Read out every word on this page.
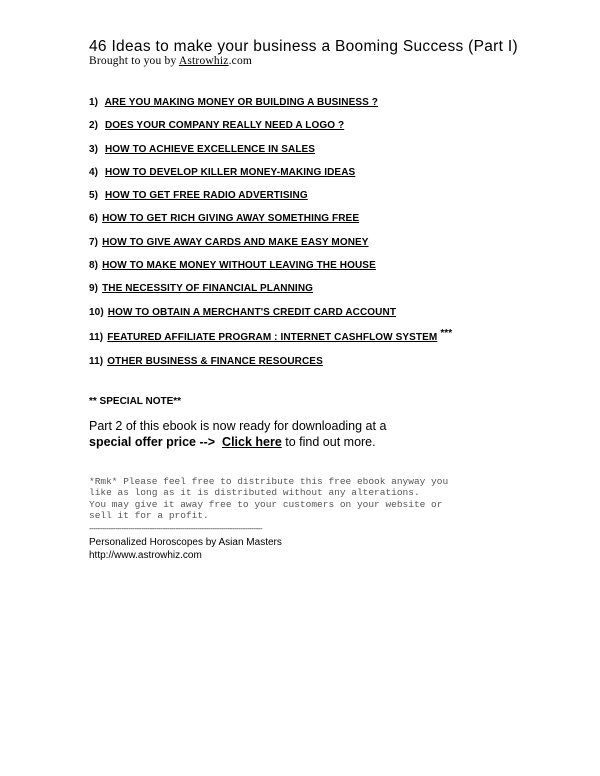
46 Ideas to make your business a Booming Success (Part I)
Brought to you by Astrowhiz.com
1) ARE YOU MAKING MONEY OR BUILDING A BUSINESS ?
2) DOES YOUR COMPANY REALLY NEED A LOGO ?
3) HOW TO ACHIEVE EXCELLENCE IN SALES
4) HOW TO DEVELOP KILLER MONEY-MAKING IDEAS
5) HOW TO GET FREE RADIO ADVERTISING
6) HOW TO GET RICH GIVING AWAY SOMETHING FREE
7) HOW TO GIVE AWAY CARDS AND MAKE EASY MONEY
8) HOW TO MAKE MONEY WITHOUT LEAVING THE HOUSE
9) THE NECESSITY OF FINANCIAL PLANNING
10) HOW TO OBTAIN A MERCHANT'S CREDIT CARD ACCOUNT
11) FEATURED AFFILIATE PROGRAM : INTERNET CASHFLOW SYSTEM ***
11) OTHER BUSINESS & FINANCE RESOURCES
** SPECIAL NOTE**
Part 2 of this ebook is now ready for downloading at a
special offer price --> Click here to find out more.
*Rmk* Please feel free to distribute this free ebook anyway you
like as long as it is distributed without any alterations.
You may give it away free to your customers on your website or
sell it for a profit.
--------------------------------------------------------------------------------
Personalized Horoscopes by Asian Masters
http://www.astrowhiz.com
